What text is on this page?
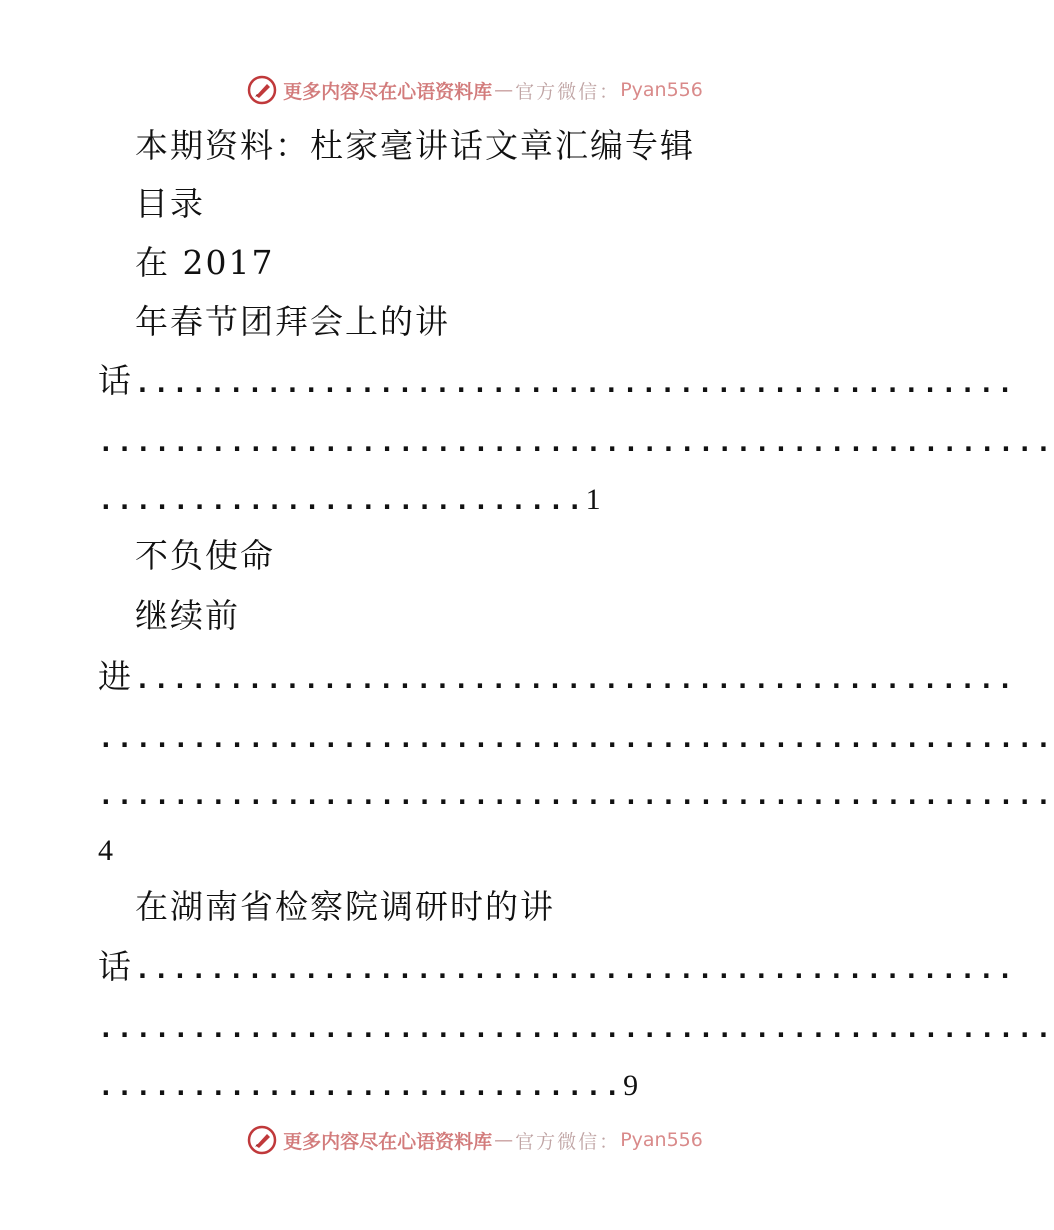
更多内容尽在心语资料库 — 官方微信： Pyan556
本期资料：杜家毫讲话文章汇编专辑
目录
在 2017
年春节团拜会上的讲
话...............................................
...................................................
..........................1
不负使命
继续前
进...............................................
...................................................
...................................................
4
在湖南省检察院调研时的讲
话...............................................
...................................................
............................9
更多内容尽在心语资料库 — 官方微信： Pyan556
